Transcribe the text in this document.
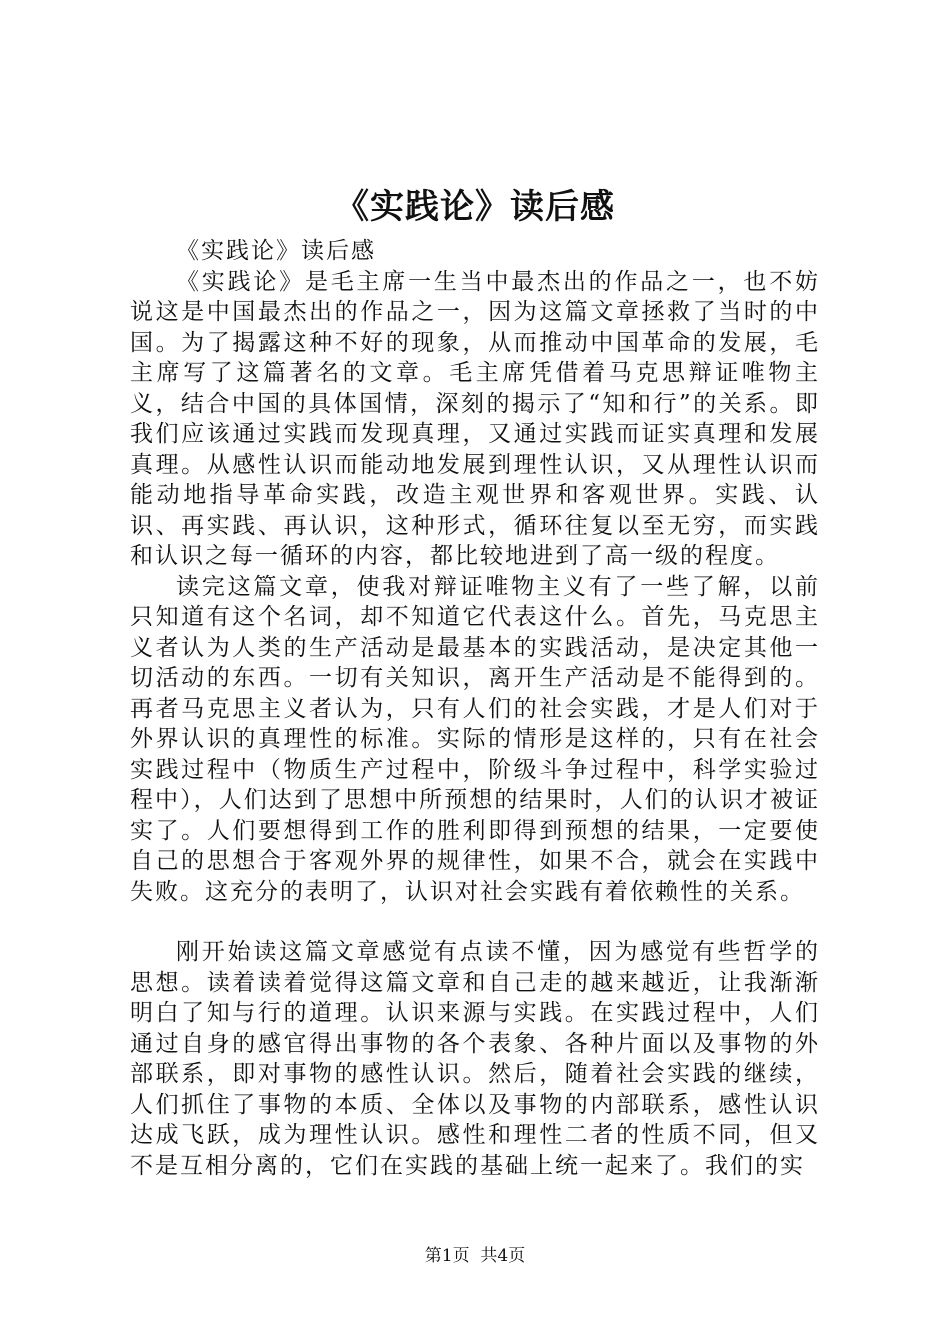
《实践论》读后感

《实践论》读后感

《实践论》是毛主席一生当中最杰出的作品之一，也不妨说这是中国最杰出的作品之一，因为这篇文章拯救了当时的中国。为了揭露这种不好的现象，从而推动中国革命的发展，毛主席写了这篇著名的文章。毛主席凭借着马克思辩证唯物主义，结合中国的具体国情，深刻的揭示了“知和行”的关系。即我们应该通过实践而发现真理，又通过实践而证实真理和发展真理。从感性认识而能动地发展到理性认识，又从理性认识而能动地指导革命实践，改造主观世界和客观世界。实践、认识、再实践、再认识，这种形式，循环往复以至无穷，而实践和认识之每一循环的内容，都比较地进到了高一级的程度。

读完这篇文章，使我对辩证唯物主义有了一些了解，以前只知道有这个名词，却不知道它代表这什么。首先，马克思主义者认为人类的生产活动是最基本的实践活动，是决定其他一切活动的东西。一切有关知识，离开生产活动是不能得到的。再者马克思主义者认为，只有人们的社会实践，才是人们对于外界认识的真理性的标准。实际的情形是这样的，只有在社会实践过程中（物质生产过程中，阶级斗争过程中，科学实验过程中），人们达到了思想中所预想的结果时，人们的认识才被证实了。人们要想得到工作的胜利即得到预想的结果，一定要使自己的思想合于客观外界的规律性，如果不合，就会在实践中失败。这充分的表明了，认识对社会实践有着依赖性的关系。

刚开始读这篇文章感觉有点读不懂，因为感觉有些哲学的思想。读着读着觉得这篇文章和自己走的越来越近，让我渐渐明白了知与行的道理。认识来源与实践。在实践过程中，人们通过自身的感官得出事物的各个表象、各种片面以及事物的外部联系，即对事物的感性认识。然后，随着社会实践的继续，人们抓住了事物的本质、全体以及事物的内部联系，感性认识达成飞跃，成为理性认识。感性和理性二者的性质不同，但又不是互相分离的，它们在实践的基础上统一起来了。我们的实

第1页 共4页
